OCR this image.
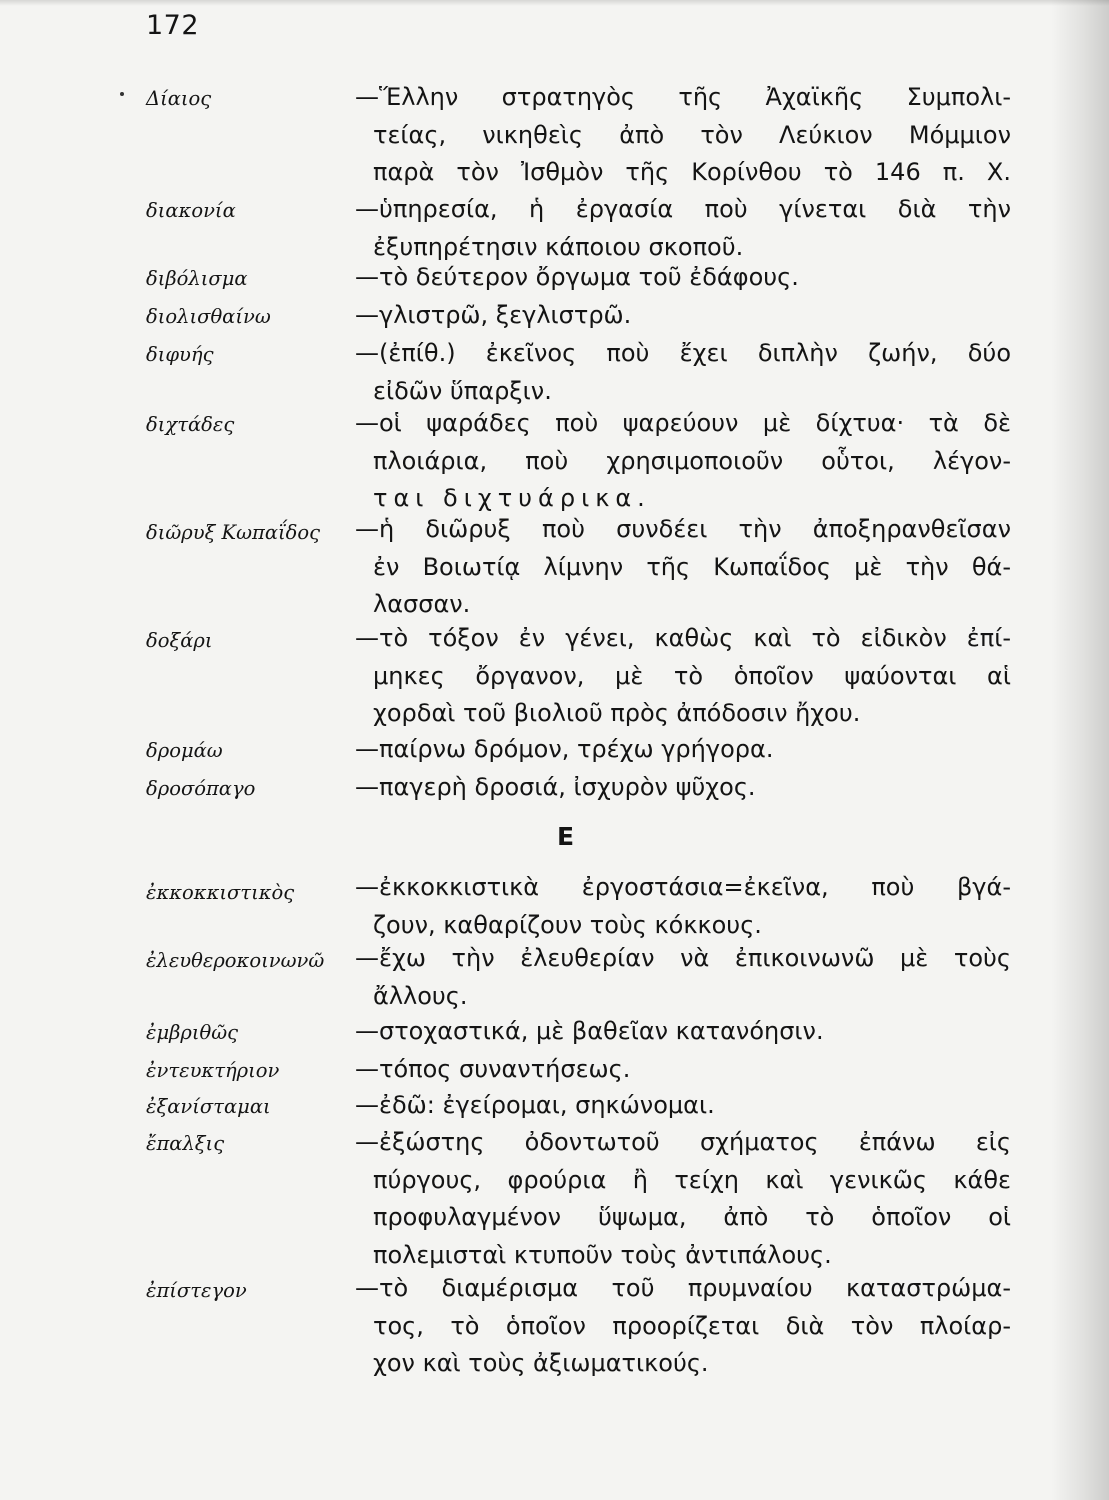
172
Δίαιος	—Ἕλλην στρατηγὸς τῆς Ἀχαϊκῆς Συμπολι-
τείας, νικηθεὶς ἀπὸ τὸν Λεύκιον Μόμμιον
παρὰ τὸν Ἰσθμὸν τῆς Κορίνθου τὸ 146 π. Χ.
διακονία	—ὑπηρεσία, ἡ ἐργασία ποὺ γίνεται διὰ τὴν
ἐξυπηρέτησιν κάποιου σκοποῦ.
διβόλισμα	—τὸ δεύτερον ὄργωμα τοῦ ἐδάφους.
διολισθαίνω	—γλιστρῶ, ξεγλιστρῶ.
διφυής	—(ἐπίθ.) ἐκεῖνος ποὺ ἔχει διπλὴν ζωήν, δύο
εἰδῶν ὕπαρξιν.
διχτάδες	—οἱ ψαράδες ποὺ ψαρεύουν μὲ δίχτυα· τὰ δὲ
πλοιάρια, ποὺ χρησιμοποιοῦν οὗτοι, λέγον-
ται διχτυάρικα.
διῶρυξ Κωπαΐδος —ἡ διῶρυξ ποὺ συνδέει τὴν ἀποξηρανθεῖσαν
ἐν Βοιωτίᾳ λίμνην τῆς Κωπαΐδος μὲ τὴν θά-
λασσαν.
δοξάρι	—τὸ τόξον ἐν γένει, καθὼς καὶ τὸ εἰδικὸν ἐπί-
μηκες ὄργανον, μὲ τὸ ὁποῖον ψαύονται αἱ
χορδαὶ τοῦ βιολιοῦ πρὸς ἀπόδοσιν ἤχου.
δρομάω	—παίρνω δρόμον, τρέχω γρήγορα.
δροσόπαγο	—παγερὴ δροσιά, ἰσχυρὸν ψῦχος.
Ε
ἐκκοκκιστικὸς	—ἐκκοκκιστικὰ ἐργοστάσια=ἐκεῖνα, ποὺ βγά-
ζουν, καθαρίζουν τοὺς κόκκους.
ἐλευθεροκοινωνῶ —ἔχω τὴν ἐλευθερίαν νὰ ἐπικοινωνῶ μὲ τοὺς
ἄλλους.
ἐμβριθῶς	—στοχαστικά, μὲ βαθεῖαν κατανόησιν.
ἐντευκτήριον	—τόπος συναντήσεως.
ἐξανίσταμαι	—ἐδῶ: ἐγείρομαι, σηκώνομαι.
ἔπαλξις	—ἐξώστης ὀδοντωτοῦ σχήματος ἐπάνω εἰς
πύργους, φρούρια ἢ τείχη καὶ γενικῶς κάθε
προφυλαγμένον ὕψωμα, ἀπὸ τὸ ὁποῖον οἱ
πολεμισταὶ κτυποῦν τοὺς ἀντιπάλους.
ἐπίστεγον	—τὸ διαμέρισμα τοῦ πρυμναίου καταστρώμα-
τος, τὸ ὁποῖον προορίζεται διὰ τὸν πλοίαρ-
χον καὶ τοὺς ἀξιωματικούς.
